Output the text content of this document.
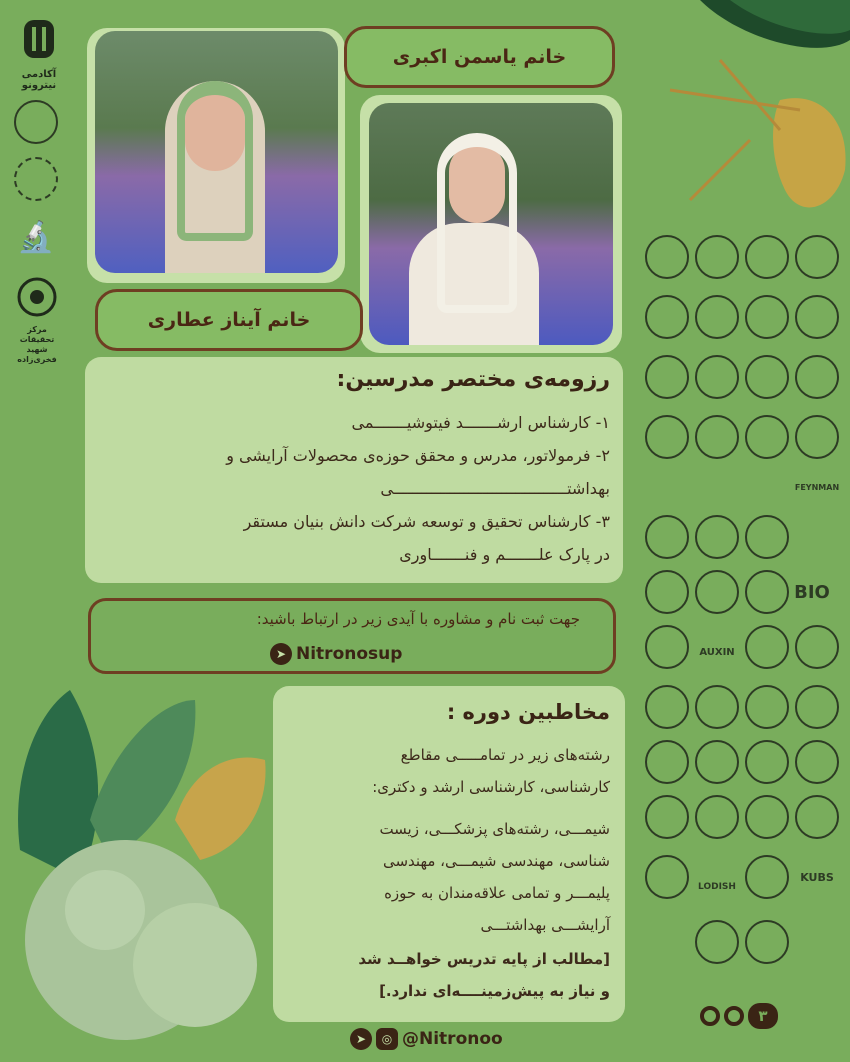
آکادمی
نیترونو
🔬
مرکز تحقیقات
شهید فخری‌زاده
خانم یاسمن اکبری
خانم آیناز عطاری
رزومه‌ی مختصر مدرسین:
۱- کارشناس ارشـــــــد فیتوشیـــــــمی
۲- فرمولاتور، مدرس و محقق حوزه‌ی محصولات آرایشی و
بهداشتـــــــــــــــــــــــــــــــــــــی
۳- کارشناس تحقیق و توسعه شرکت دانش بنیان مستقر
در پارک علـــــــم و فنـــــــاوری
جهت ثبت نام و مشاوره با آیدی زیر در ارتباط باشید:
➤ Nitronosup
مخاطبین دوره :
رشته‌های زیر در تمامـــــی مقاطع
کارشناسی، کارشناسی ارشد و دکتری:
شیمـــی، رشته‌های پزشکـــی، زیست
شناسی، مهندسی شیمـــی، مهندسی
پلیمـــر و تمامی علاقه‌مندان به حوزه
آرایشـــی بهداشتـــی
[مطالب از پایه تدریس خواهــد شد
و نیاز به پیش‌زمینــــه‌ای ندارد.]
FEYNMAN
BIO
AUXIN
LODISH
KUBS
۳
➤	◎ @Nitronoo
